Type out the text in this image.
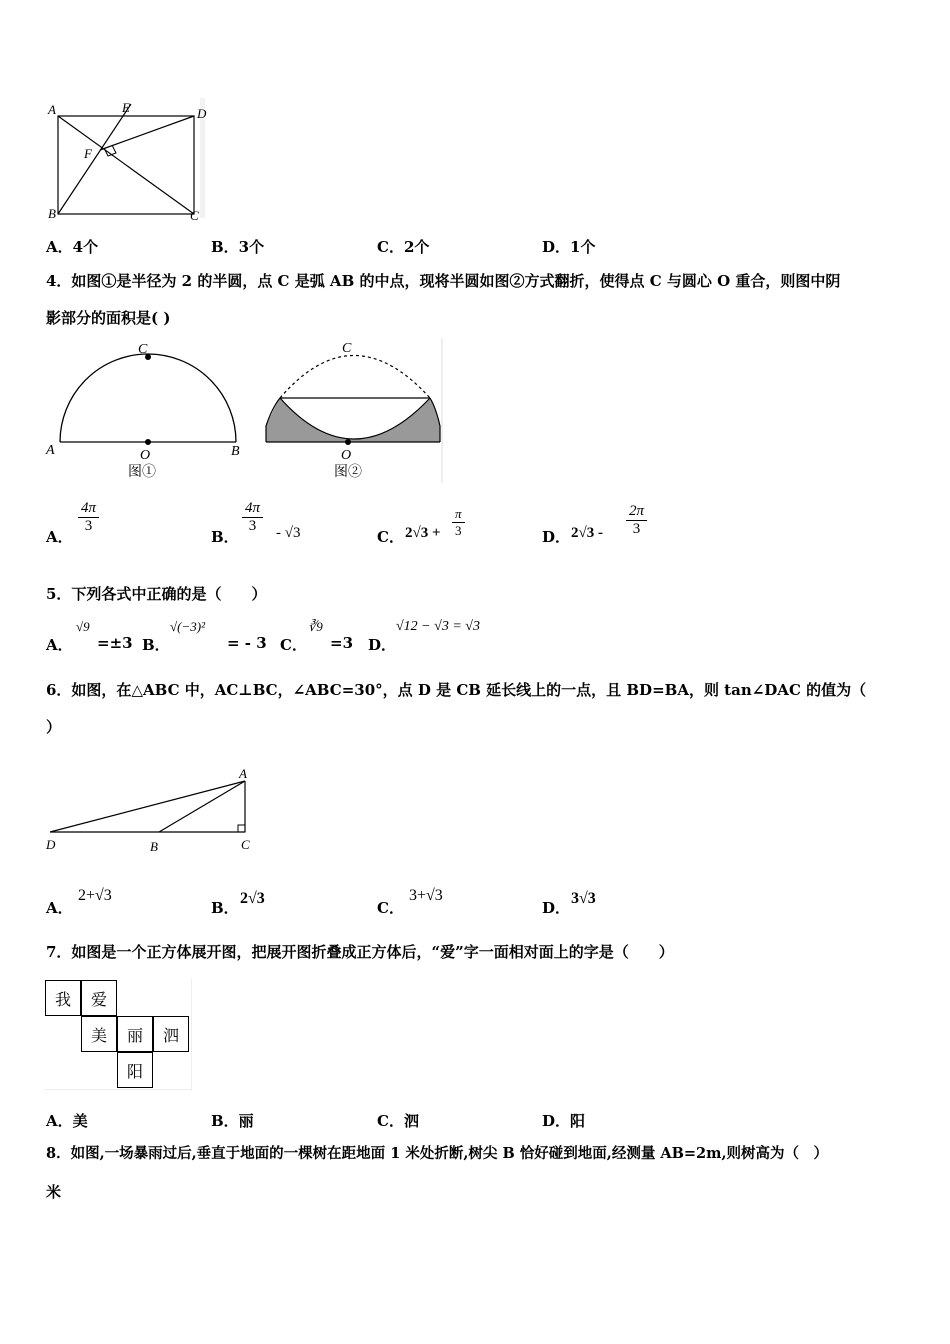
A	E	D
F
B	C
A．4个	B．3个	C．2个	D．1个
4．如图①是半径为 2 的半圆，点 C 是弧 AB 的中点，现将半圆如图②方式翻折，使得点 C 与圆心 O 重合，则图中阴
影部分的面积是( )
C
A	O	B
图①
C
O
图②
A．
$\frac{4\pi}{3}$
B．
$\frac{4\pi}{3} - √3$	C． $2√3 + \frac{\pi}{3}$	D． $2√3 - \frac{2\pi}{3}$
5．下列各式中正确的是（　　）
A．
√9
=±3 B．
√(−3)²
= - 3 C．
∛9
=3 D．
√12 − √3 = √3
6．如图，在△ABC 中，AC⊥BC，∠ABC=30°，点 D 是 CB 延长线上的一点，且 BD=BA，则 tan∠DAC 的值为（
）
A
D	B	C
A．
2+√3
B．
2√3
C．
3+√3
D．
3√3
7．如图是一个正方体展开图，把展开图折叠成正方体后，“爱”字一面相对面上的字是（　　）
我	爱
美	丽	泗
阳
A．美	B．丽	C．泗	D．阳
8．如图,一场暴雨过后,垂直于地面的一棵树在距地面 1 米处折断,树尖 B 恰好碰到地面,经测量 AB=2m,则树高为（　）
米
